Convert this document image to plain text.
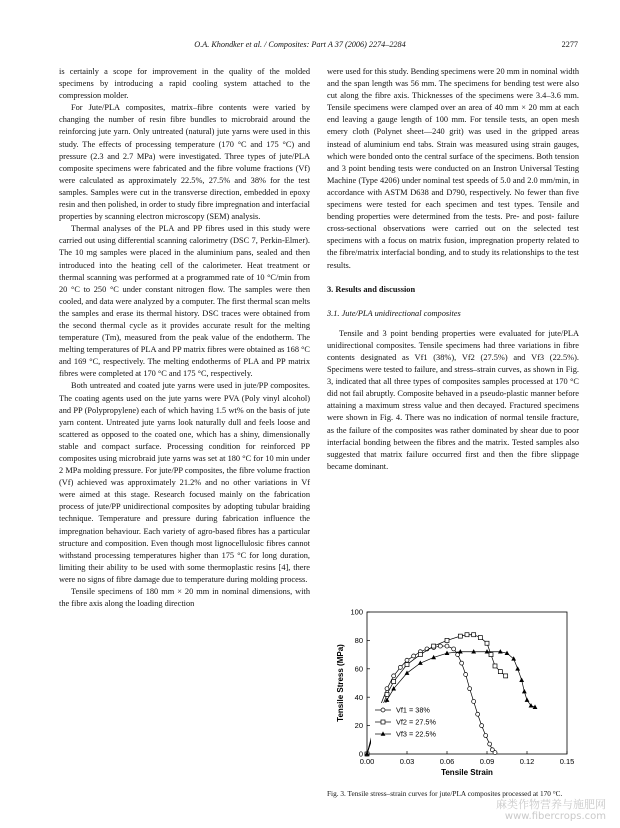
O.A. Khondker et al. / Composites: Part A 37 (2006) 2274–2284	2277

is certainly a scope for improvement in the quality of the molded specimens by introducing a rapid cooling system attached to the compression molder.

For Jute/PLA composites, matrix–fibre contents were varied by changing the number of resin fibre bundles to microbraid around the reinforcing jute yarn. Only untreated (natural) jute yarns were used in this study. The effects of processing temperature (170 °C and 175 °C) and pressure (2.3 and 2.7 MPa) were investigated. Three types of jute/PLA composite specimens were fabricated and the fibre volume fractions (Vf) were calculated as approximately 22.5%, 27.5% and 38% for the test samples. Samples were cut in the transverse direction, embedded in epoxy resin and then polished, in order to study fibre impregnation and interfacial properties by scanning electron microscopy (SEM) analysis.

Thermal analyses of the PLA and PP fibres used in this study were carried out using differential scanning calorimetry (DSC 7, Perkin-Elmer). The 10 mg samples were placed in the aluminium pans, sealed and then introduced into the heating cell of the calorimeter. Heat treatment or thermal scanning was performed at a programmed rate of 10 °C/min from 20 °C to 250 °C under constant nitrogen flow. The samples were then cooled, and data were analyzed by a computer. The first thermal scan melts the samples and erase its thermal history. DSC traces were obtained from the second thermal cycle as it provides accurate result for the melting temperature (Tm), measured from the peak value of the endotherm. The melting temperatures of PLA and PP matrix fibres were obtained as 168 °C and 169 °C, respectively. The melting endotherms of PLA and PP matrix fibres were completed at 170 °C and 175 °C, respectively.

Both untreated and coated jute yarns were used in jute/PP composites. The coating agents used on the jute yarns were PVA (Poly vinyl alcohol) and PP (Polypropylene) each of which having 1.5 wt% on the basis of jute yarn content. Untreated jute yarns look naturally dull and feels loose and scattered as opposed to the coated one, which has a shiny, dimensionally stable and compact surface. Processing condition for reinforced PP composites using microbraid jute yarns was set at 180 °C for 10 min under 2 MPa molding pressure. For jute/PP composites, the fibre volume fraction (Vf) achieved was approximately 21.2% and no other variations in Vf were aimed at this stage. Research focused mainly on the fabrication process of jute/PP unidirectional composites by adopting tubular braiding technique. Temperature and pressure during fabrication influence the impregnation behaviour. Each variety of agro-based fibres has a particular structure and composition. Even though most lignocellulosic fibres cannot withstand processing temperatures higher than 175 °C for long duration, limiting their ability to be used with some thermoplastic resins [4], there were no signs of fibre damage due to temperature during molding process.

Tensile specimens of 180 mm × 20 mm in nominal dimensions, with the fibre axis along the loading direction

were used for this study. Bending specimens were 20 mm in nominal width and the span length was 56 mm. The specimens for bending test were also cut along the fibre axis. Thicknesses of the specimens were 3.4–3.6 mm. Tensile specimens were clamped over an area of 40 mm × 20 mm at each end leaving a gauge length of 100 mm. For tensile tests, an open mesh emery cloth (Polynet sheet—240 grit) was used in the gripped areas instead of aluminium end tabs. Strain was measured using strain gauges, which were bonded onto the central surface of the specimens. Both tension and 3 point bending tests were conducted on an Instron Universal Testing Machine (Type 4206) under nominal test speeds of 5.0 and 2.0 mm/min, in accordance with ASTM D638 and D790, respectively. No fewer than five specimens were tested for each specimen and test types. Tensile and bending properties were determined from the tests. Pre- and post- failure cross-sectional observations were carried out on the selected test specimens with a focus on matrix fusion, impregnation property related to the fibre/matrix interfacial bonding, and to study its relationships to the test results.

3. Results and discussion
3.1. Jute/PLA unidirectional composites

Tensile and 3 point bending properties were evaluated for jute/PLA unidirectional composites. Tensile specimens had three variations in fibre contents designated as Vf1 (38%), Vf2 (27.5%) and Vf3 (22.5%). Specimens were tested to failure, and stress–strain curves, as shown in Fig. 3, indicated that all three types of composites samples processed at 170 °C did not fail abruptly. Composite behaved in a pseudo-plastic manner before attaining a maximum stress value and then decayed. Fractured specimens were shown in Fig. 4. There was no indication of normal tensile fracture, as the failure of the composites was rather dominated by shear due to poor interfacial bonding between the fibres and the matrix. Tested samples also suggested that matrix failure occurred first and then the fibre slippage became dominant.

0.00	0.03	0.06	0.09	0.12	0.15
0
20
40
60
80
100
Tensile Strain
Tensile Stress (MPa)	Vf1 = 38%
Vf2 = 27.5%
Vf3 = 22.5%
Fig. 3. Tensile stress–strain curves for jute/PLA composites processed at 170 °C.
麻类作物营养与施肥网
www.fibercrops.com
